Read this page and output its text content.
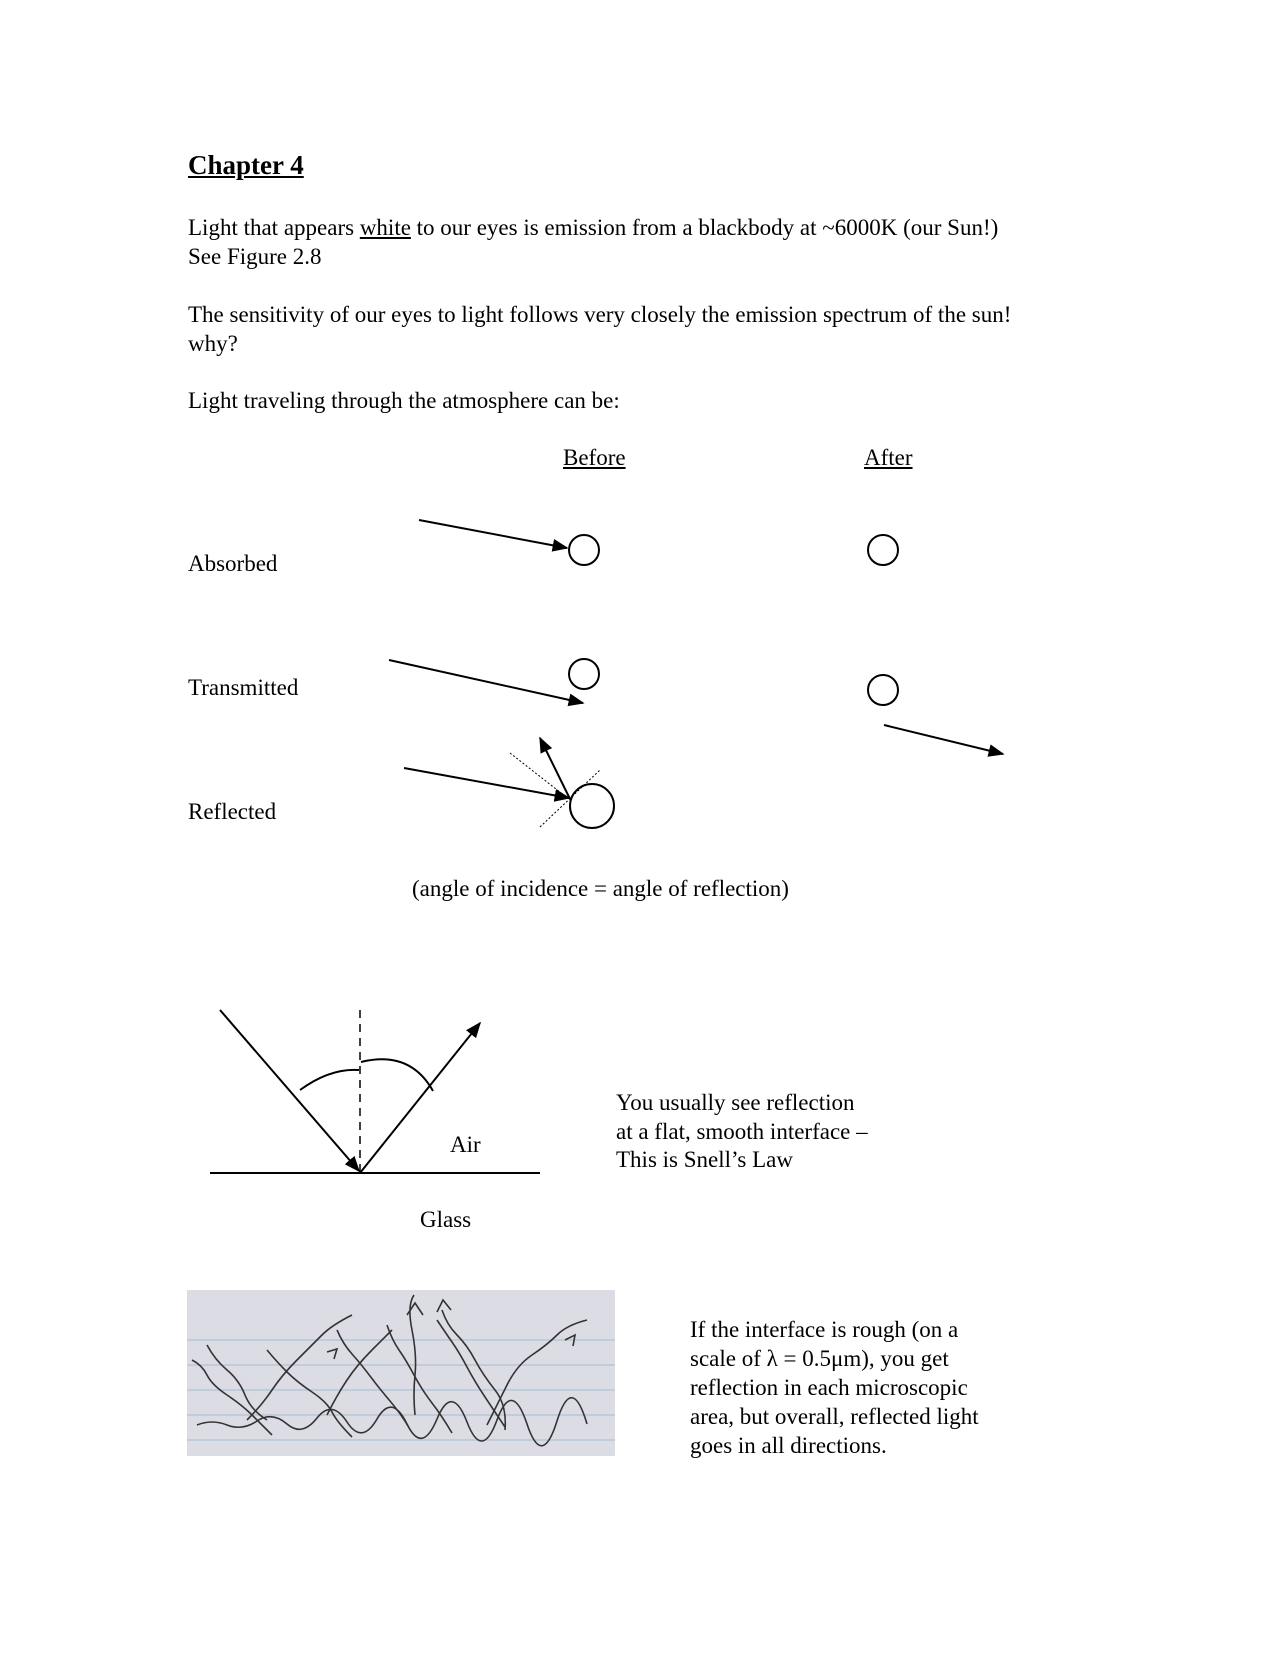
Chapter 4
Light that appears white to our eyes is emission from a blackbody at ~6000K (our Sun!)
See Figure 2.8
The sensitivity of our eyes to light follows very closely the emission spectrum of the sun!
why?
Light traveling through the atmosphere can be:
Before	After
Absorbed
Transmitted
Reflected
(angle of incidence = angle of reflection)
Air
Glass
You usually see reflection
at a flat, smooth interface –
This is Snell’s Law
If the interface is rough (on a
scale of λ = 0.5μm), you get
reflection in each microscopic
area, but overall, reflected light
goes in all directions.
